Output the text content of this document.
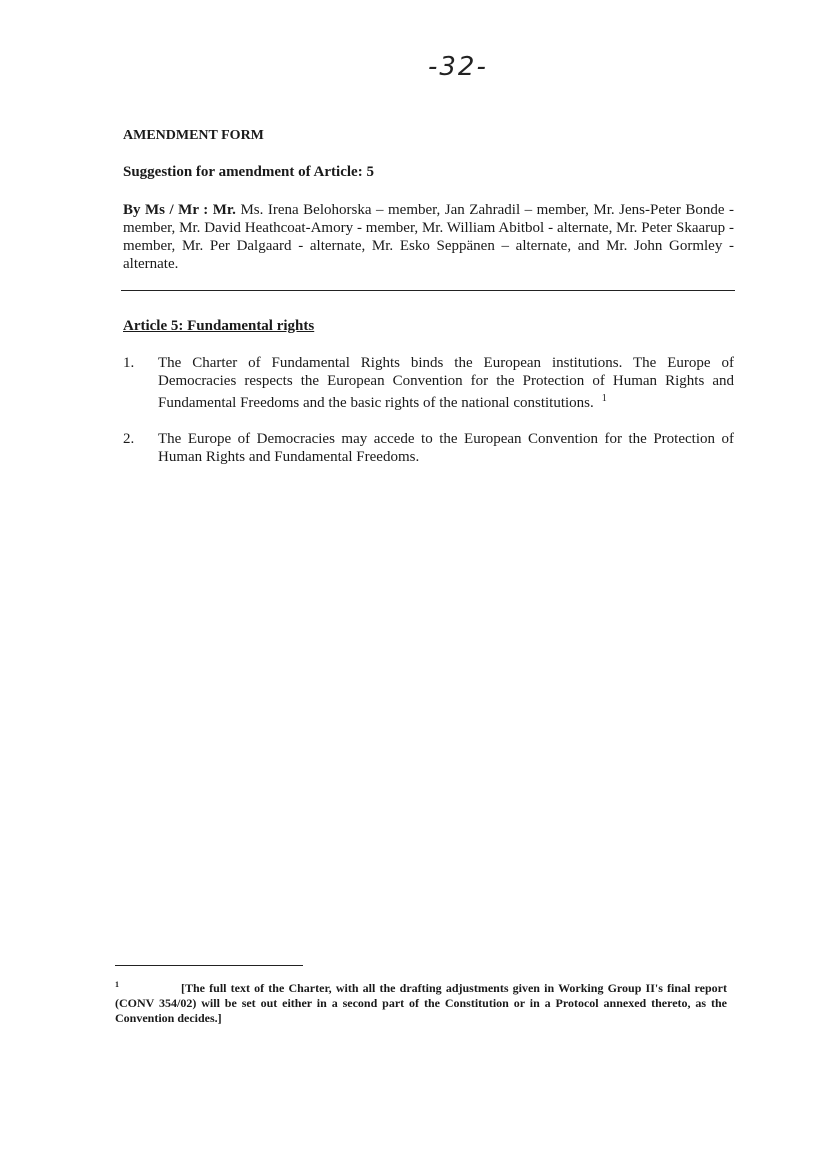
-32-
AMENDMENT FORM
Suggestion for amendment of Article: 5
By Ms / Mr : Mr. Ms. Irena Belohorska – member, Jan Zahradil – member, Mr. Jens-Peter Bonde - member, Mr. David Heathcoat-Amory - member, Mr. William Abitbol - alternate, Mr. Peter Skaarup - member, Mr. Per Dalgaard - alternate, Mr. Esko Seppänen – alternate, and Mr. John Gormley - alternate.
Article 5: Fundamental rights
1.	The Charter of Fundamental Rights binds the European institutions. The Europe of Democracies respects the European Convention for the Protection of Human Rights and Fundamental Freedoms and the basic rights of the national constitutions. $^1$
2.	The Europe of Democracies may accede to the European Convention for the Protection of Human Rights and Fundamental Freedoms.
1	[The full text of the Charter, with all the drafting adjustments given in Working Group II's final report (CONV 354/02) will be set out either in a second part of the Constitution or in a Protocol annexed thereto, as the Convention decides.]
